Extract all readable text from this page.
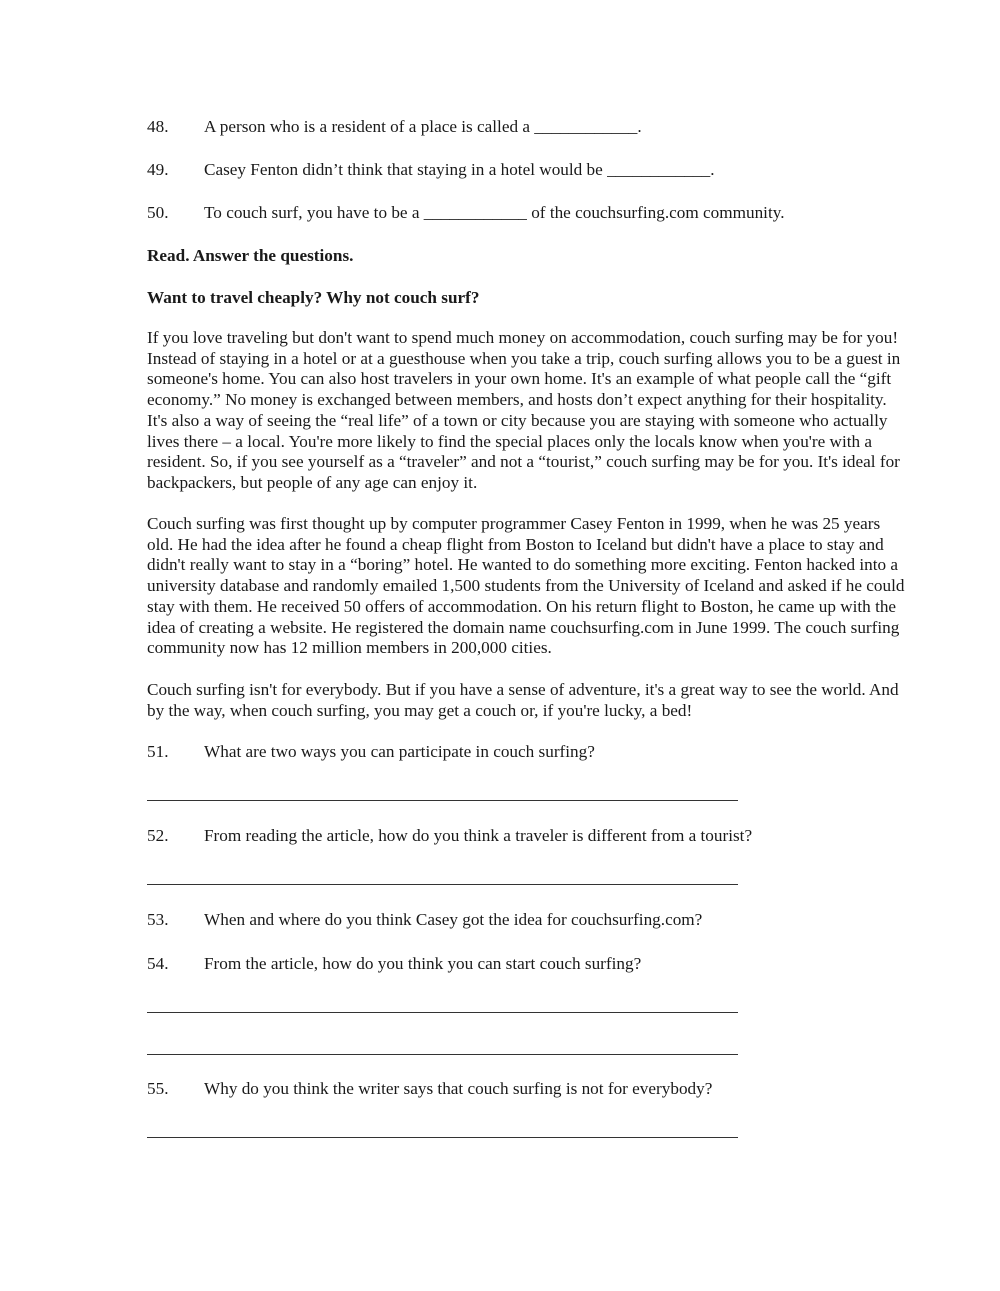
48. A person who is a resident of a place is called a ____________.
49. Casey Fenton didn’t think that staying in a hotel would be ____________.
50. To couch surf, you have to be a ____________ of the couchsurfing.com community.
Read. Answer the questions.
Want to travel cheaply? Why not couch surf?
If you love traveling but don't want to spend much money on accommodation, couch surfing may be for you!
Instead of staying in a hotel or at a guesthouse when you take a trip, couch surfing allows you to be a guest in
someone's home. You can also host travelers in your own home. It's an example of what people call the “gift
economy.” No money is exchanged between members, and hosts don’t expect anything for their hospitality.
It's also a way of seeing the “real life” of a town or city because you are staying with someone who actually
lives there – a local. You're more likely to find the special places only the locals know when you're with a
resident. So, if you see yourself as a “traveler” and not a “tourist,” couch surfing may be for you. It's ideal for
backpackers, but people of any age can enjoy it.
Couch surfing was first thought up by computer programmer Casey Fenton in 1999, when he was 25 years
old. He had the idea after he found a cheap flight from Boston to Iceland but didn't have a place to stay and
didn't really want to stay in a “boring” hotel. He wanted to do something more exciting. Fenton hacked into a
university database and randomly emailed 1,500 students from the University of Iceland and asked if he could
stay with them. He received 50 offers of accommodation. On his return flight to Boston, he came up with the
idea of creating a website. He registered the domain name couchsurfing.com in June 1999. The couch surfing
community now has 12 million members in 200,000 cities.
Couch surfing isn't for everybody. But if you have a sense of adventure, it's a great way to see the world. And
by the way, when couch surfing, you may get a couch or, if you're lucky, a bed!
51. What are two ways you can participate in couch surfing?
52. From reading the article, how do you think a traveler is different from a tourist?
53. When and where do you think Casey got the idea for couchsurfing.com?
54. From the article, how do you think you can start couch surfing?
55. Why do you think the writer says that couch surfing is not for everybody?
